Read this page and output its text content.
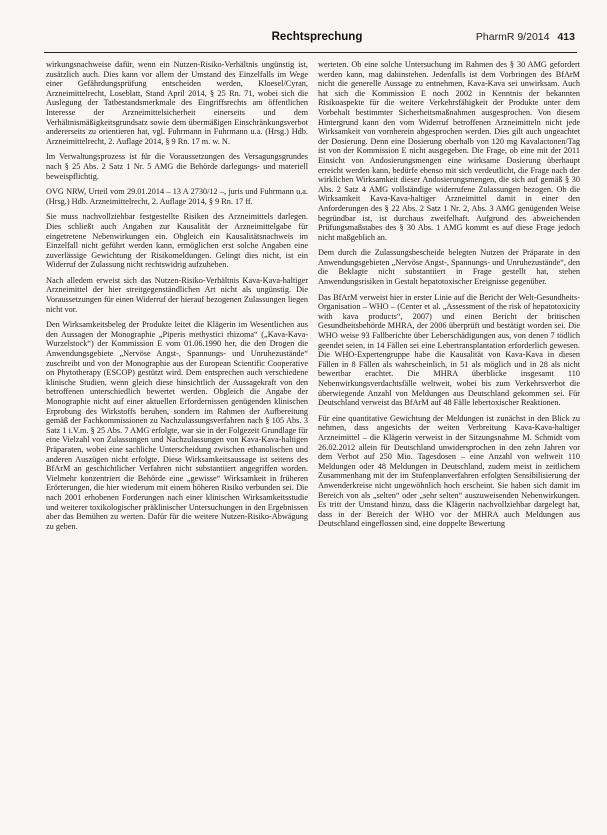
Rechtsprechung	PharmR 9/2014 413

wirkungsnachweise dafür, wenn ein Nutzen-Risiko-Verhältnis ungünstig ist, zusätzlich auch. Dies kann vor allem der Umstand des Einzelfalls im Wege einer Gefährdungsprüfung entscheiden werden, Kloesel/Cyran, Arzneimittelrecht, Loseblatt, Stand April 2014, § 25 Rn. 71, wobei sich die Auslegung der Tatbestandsmerkmale des Eingriffsrechts am öffentlichen Interesse der Arzneimittelsicherheit einerseits und dem Verhältnismäßigkeitsgrundsatz sowie dem übermäßigen Einschränkungsverbot andererseits zu orientieren hat, vgl. Fuhrmann in Fuhrmann u.a. (Hrsg.) Hdb. Arzneimittelrecht, 2. Auflage 2014, § 9 Rn. 17 m. w. N.

Im Verwaltungsprozess ist für die Voraussetzungen des Versagungsgrundes nach § 25 Abs. 2 Satz 1 Nr. 5 AMG die Behörde darlegungs- und materiell beweispflichtig.

OVG NRW, Urteil vom 29.01.2014 – 13 A 2730/12 –, juris und Fuhrmann u.a. (Hrsg.) Hdb. Arzneimittelrecht, 2. Auflage 2014, § 9 Rn. 17 ff.

Sie muss nachvollziehbar festgestellte Risiken des Arzneimittels darlegen. Dies schließt auch Angaben zur Kausalität der Arzneimittelgabe für eingetretene Nebenwirkungen ein. Obgleich ein Kausalitätsnachweis im Einzelfall nicht geführt werden kann, ermöglichen erst solche Angaben eine zuverlässige Gewichtung der Risikomeldungen. Gelingt dies nicht, ist ein Widerruf der Zulassung nicht rechtswidrig aufzuheben.

Nach alledem erweist sich das Nutzen-Risiko-Verhältnis Kava-Kava-haltiger Arzneimittel der hier streitgegenständlichen Art nicht als ungünstig. Die Voraussetzungen für einen Widerruf der hierauf bezogenen Zulassungen liegen nicht vor.

Den Wirksamkeitsbeleg der Produkte leitet die Klägerin im Wesentlichen aus den Aussagen der Monographie „Piperis methystici rhizoma“ („Kava-Kava-Wurzelstock“) der Kommission E vom 01.06.1990 her, die den Drogen die Anwendungsgebiete „Nervöse Angst-, Spannungs- und Unruhezustände“ zuschreibt und von der Monographie aus der European Scientific Cooperative on Phytotherapy (ESCOP) gestützt wird. Dem entsprechen auch verschiedene klinische Studien, wenn gleich diese hinsichtlich der Aussagekraft von den betroffenen unterschiedlich bewertet werden. Obgleich die Angabe der Monographie nicht auf einer aktuellen Erfordernissen genügenden klinischen Erprobung des Wirkstoffs beruhen, sondern im Rahmen der Aufbereitung gemäß der Fachkommissionen zu Nachzulassungsverfahren nach § 105 Abs. 3 Satz 1 i.V.m. § 25 Abs. 7 AMG erfolgte, war sie in der Folgezeit Grundlage für eine Vielzahl von Zulassungen und Nachzulassungen von Kava-Kava-haltigen Präparaten, wobei eine sachliche Unterscheidung zwischen ethanolischen und anderen Auszügen nicht erfolgte. Diese Wirksamkeitsaussage ist seitens des BfArM an geschichtlicher Verfahren nicht substantiiert angegriffen worden. Vielmehr konzentriert die Behörde eine „gewisse“ Wirksamkeit in früheren Erörterungen, die hier wiederum mit einem höheren Risiko verbunden sei. Die nach 2001 erhobenen Forderungen nach einer klinischen Wirksamkeitsstudie und weiterer toxikologischer präklinischer Untersuchungen in den Ergebnissen aber das Bemühen zu werten. Dafür für die weitere Nutzen-Risiko-Abwägung zu geben.

werteten. Ob eine solche Untersuchung im Rahmen des § 30 AMG gefordert werden kann, mag dahinstehen. Jedenfalls ist dem Vorbringen des BfArM nicht die generelle Aussage zu entnehmen, Kava-Kava sei unwirksam. Auch hat sich die Kommission E noch 2002 in Kenntnis der bekannten Risikoaspekte für die weitere Verkehrsfähigkeit der Produkte unter dem Vorbehalt bestimmter Sicherheitsmaßnahmen ausgesprochen. Von diesem Hintergrund kann den vom Widerruf betroffenen Arzneimitteln nicht jede Wirksamkeit von vornherein abgesprochen werden. Dies gilt auch ungeachtet der Dosierung. Denn eine Dosierung oberhalb von 120 mg Kavalactonen/Tag ist von der Kommission E nicht ausgegeben. Die Frage, ob eine mit der 2011 Einsicht von Andosierungsmengen eine wirksame Dosierung überhaupt erreicht werden kann, bedürfe ebenso mit sich verdeutlicht, die Frage nach der wirklichen Wirksamkeit dieser Andosierungsmengen, die sich auf gemäß § 30 Abs. 2 Satz 4 AMG vollständige widerrufene Zulassungen bezogen. Ob die Wirksamkeit Kava-Kava-haltiger Arzneimittel damit in einer den Anforderungen des § 22 Abs. 2 Satz 1 Nr. 2, Abs. 3 AMG genügenden Weise begründbar ist, ist durchaus zweifelhaft. Aufgrund des abweichenden Prüfungsmaßstabes des § 30 Abs. 1 AMG kommt es auf diese Frage jedoch nicht maßgeblich an.

Dem durch die Zulassungsbescheide belegten Nutzen der Präparate in den Anwendungsgebieten „Nervöse Angst-, Spannungs- und Unruhezustände“, den die Beklagte nicht substantiiert in Frage gestellt hat, stehen Anwendungsrisiken in Gestalt hepatotoxischer Ereignisse gegenüber.

Das BfArM verweist hier in erster Linie auf die Bericht der Welt-Gesundheits-Organisation – WHO – (Center et al. „Assessment of the risk of hepatotoxicity with kava products“, 2007) und einen Bericht der britischen Gesundheitsbehörde MHRA, der 2006 überprüft und bestätigt worden sei. Die WHO weise 93 Fallberichte über Leberschädigungen aus, von denen 7 tödlich geendet seien, in 14 Fällen sei eine Lebertransplantation erforderlich gewesen. Die WHO-Expertengruppe habe die Kausalität von Kava-Kava in diesen Fällen in 8 Fällen als wahrscheinlich, in 51 als möglich und in 28 als nicht bewertbar erachtet. Die MHRA überblicke insgesamt 110 Nebenwirkungsverdachtsfälle weltweit, wobei bis zum Verkehrsverbot die überwiegende Anzahl von Meldungen aus Deutschland gekommen sei. Für Deutschland verweist das BfArM auf 48 Fälle lebertoxischer Reaktionen.

Für eine quantitative Gewichtung der Meldungen ist zunächst in den Blick zu nehmen, dass angesichts der weiten Verbreitung Kava-Kava-haltiger Arzneimittel – die Klägerin verweist in der Sitzungsnahme M. Schmidt vom 26.02.2012 allein für Deutschland unwidersprochen in den zehn Jahren vor dem Verbot auf 250 Mio. Tagesdosen – eine Anzahl von weltweit 110 Meldungen oder 48 Meldungen in Deutschland, zudem meist in zeitlichem Zusammenhang mit der im Stufenplanverfahren erfolgten Sensibilisierung der Anwenderkreise nicht ungewöhnlich hoch erscheint. Sie haben sich damit im Bereich von als „selten“ oder „sehr selten“ auszuweisenden Nebenwirkungen. Es tritt der Umstand hinzu, dass die Klägerin nachvollziehbar dargelegt hat, dass in der Bereich der WHO vor der MHRA auch Meldungen aus Deutschland eingeflossen sind, eine doppelte Bewertung
